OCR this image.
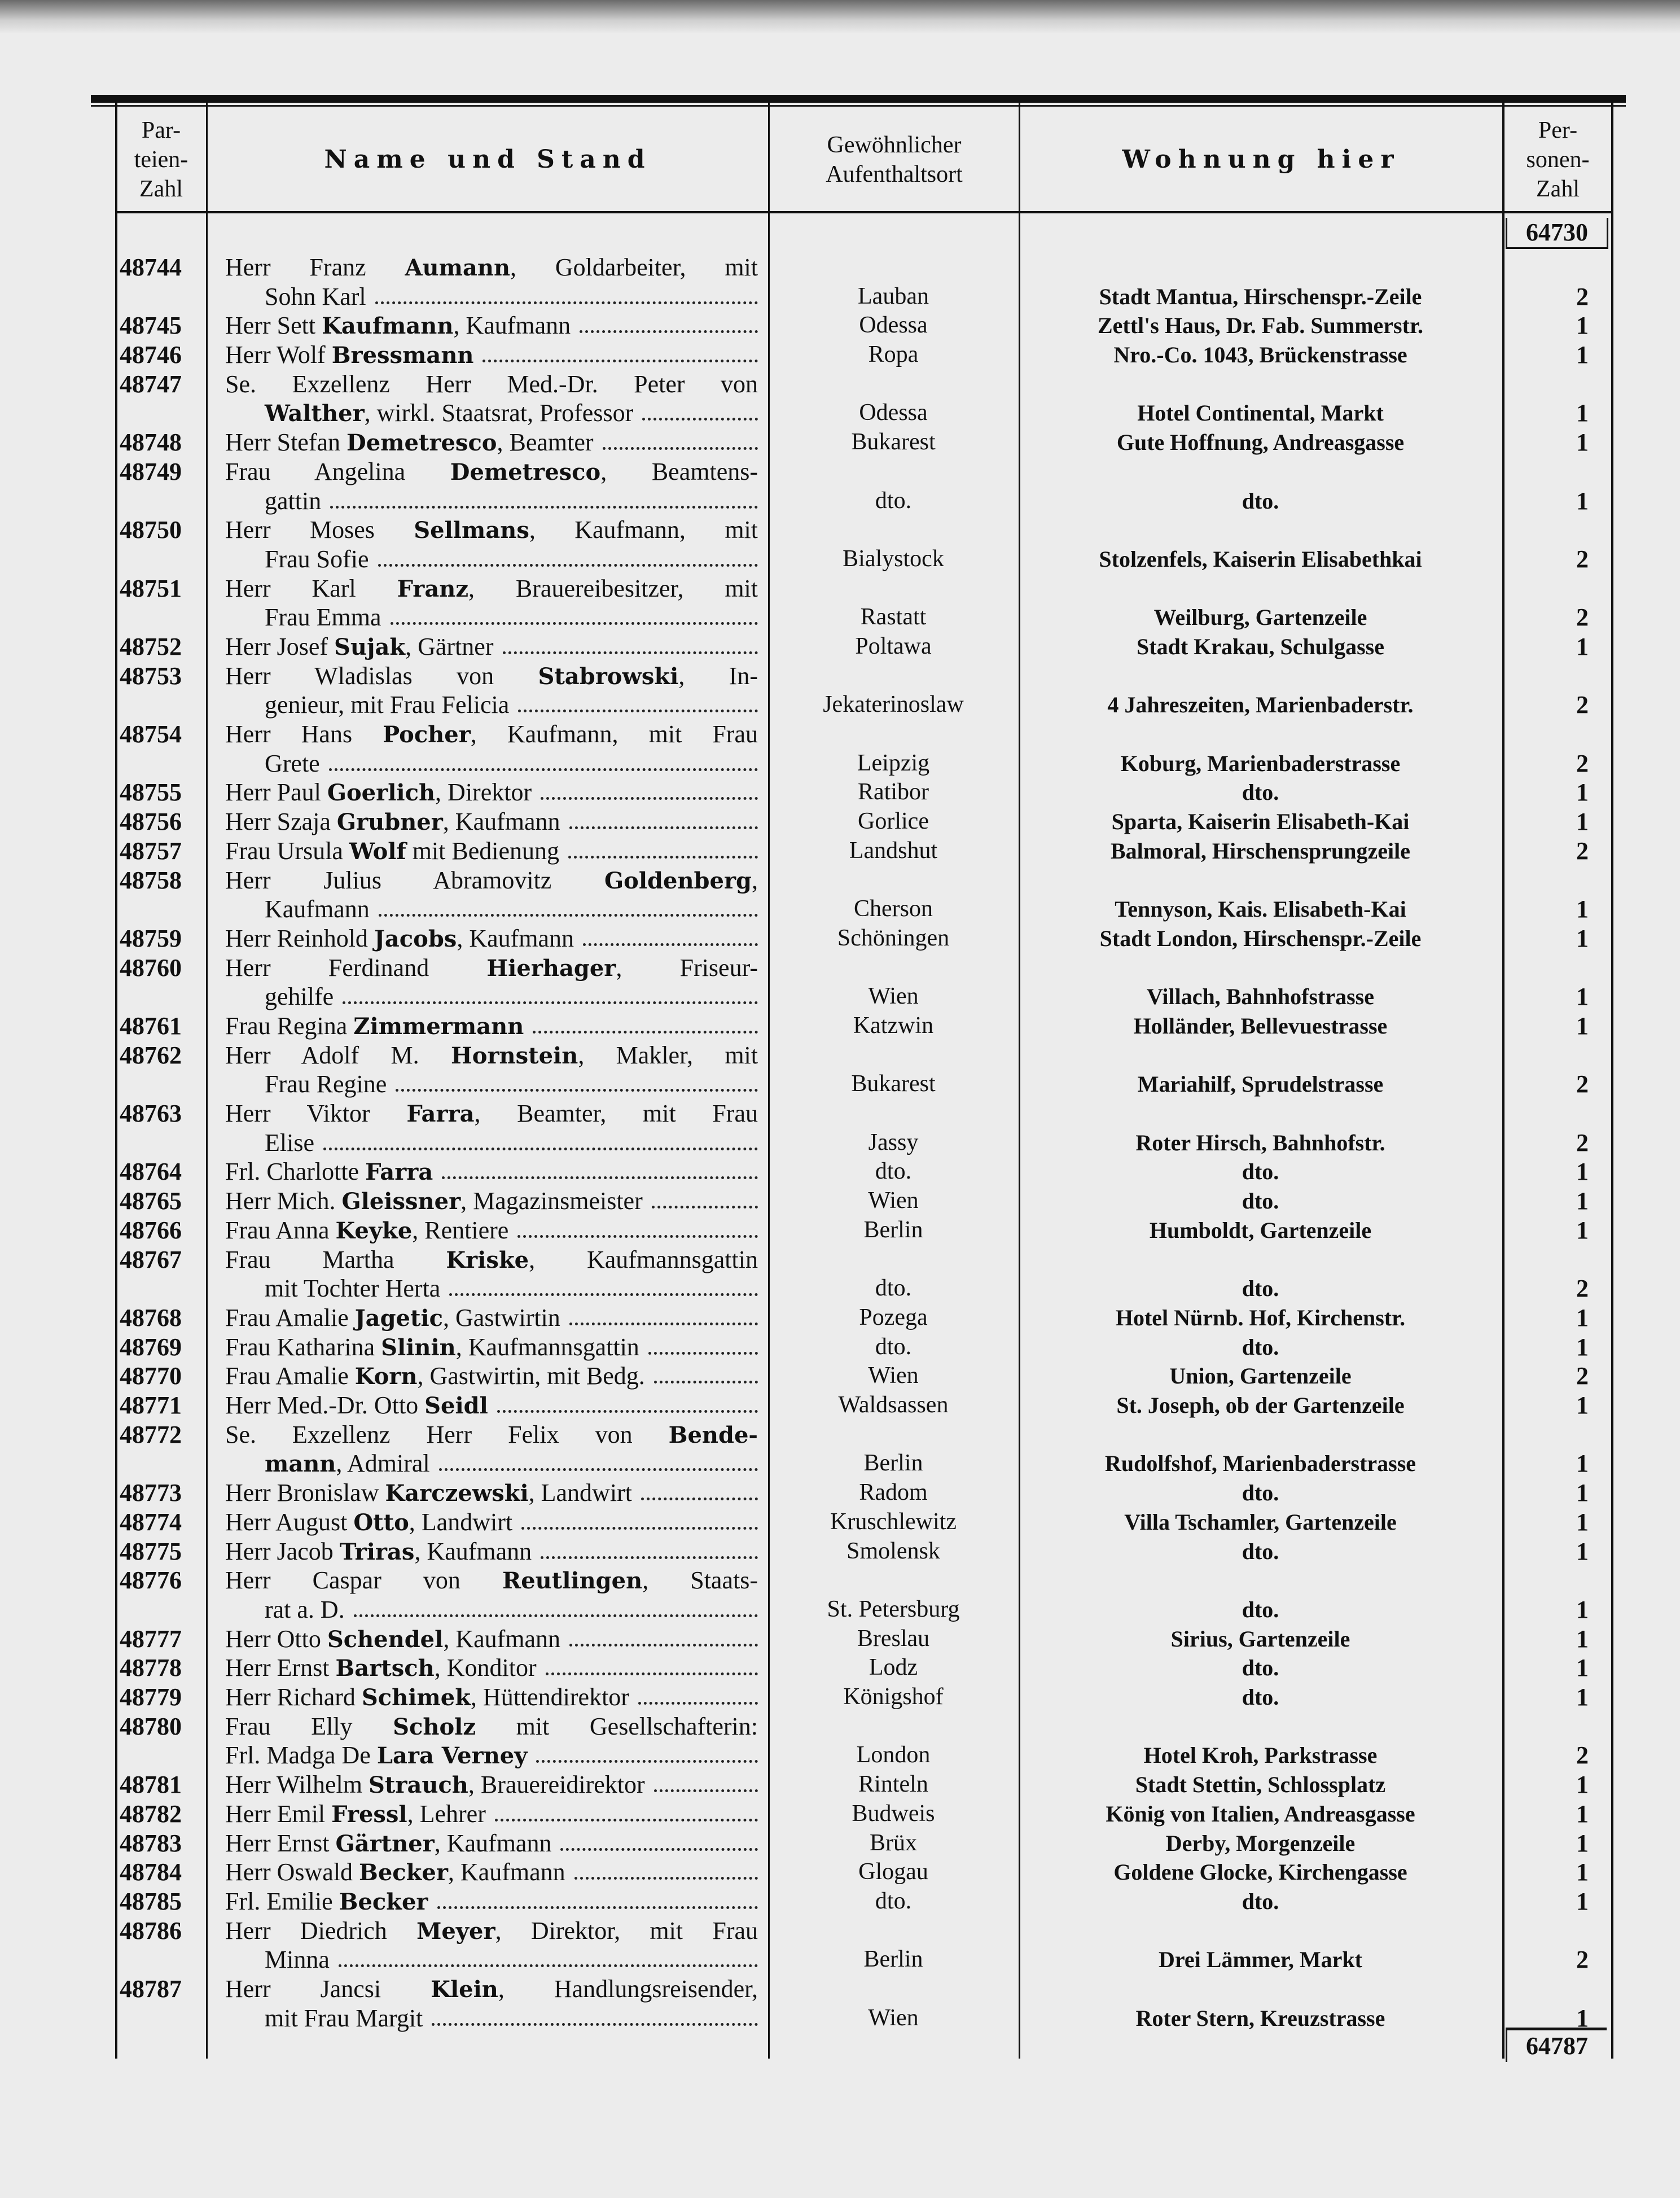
Par-
teien-
Zahl
Name und Stand	Gewöhnlicher
Aufenthaltsort
Wohnung hier
Per-
sonen-
Zahl
64730
48744	Herr Franz Aumann, Goldarbeiter, mit
Sohn Karl	Lauban	Stadt Mantua, Hirschenspr.-Zeile	2
48745	Herr Sett Kaufmann, Kaufmann	Odessa	Zettl's Haus, Dr. Fab. Summerstr.	1
48746	Herr Wolf Bressmann	Ropa	Nro.-Co. 1043, Brückenstrasse	1
48747	Se. Exzellenz Herr Med.-Dr. Peter von
Walther, wirkl. Staatsrat, Professor	Odessa	Hotel Continental, Markt	1
48748	Herr Stefan Demetresco, Beamter	Bukarest	Gute Hoffnung, Andreasgasse	1
48749	Frau Angelina Demetresco, Beamtens-
gattin	dto.	dto.	1
48750	Herr Moses Sellmans, Kaufmann, mit
Frau Sofie	Bialystock	Stolzenfels, Kaiserin Elisabethkai	2
48751	Herr Karl Franz, Brauereibesitzer, mit
Frau Emma	Rastatt	Weilburg, Gartenzeile	2
48752	Herr Josef Sujak, Gärtner	Poltawa	Stadt Krakau, Schulgasse	1
48753	Herr Wladislas von Stabrowski, In-
genieur, mit Frau Felicia	Jekaterinoslaw	4 Jahreszeiten, Marienbaderstr.	2
48754	Herr Hans Pocher, Kaufmann, mit Frau
Grete	Leipzig	Koburg, Marienbaderstrasse	2
48755	Herr Paul Goerlich, Direktor	Ratibor	dto.	1
48756	Herr Szaja Grubner, Kaufmann	Gorlice	Sparta, Kaiserin Elisabeth-Kai	1
48757	Frau Ursula Wolf mit Bedienung	Landshut	Balmoral, Hirschensprungzeile	2
48758	Herr Julius Abramovitz Goldenberg,
Kaufmann	Cherson	Tennyson, Kais. Elisabeth-Kai	1
48759	Herr Reinhold Jacobs, Kaufmann	Schöningen	Stadt London, Hirschenspr.-Zeile	1
48760	Herr Ferdinand Hierhager, Friseur-
gehilfe	Wien	Villach, Bahnhofstrasse	1
48761	Frau Regina Zimmermann	Katzwin	Holländer, Bellevuestrasse	1
48762	Herr Adolf M. Hornstein, Makler, mit
Frau Regine	Bukarest	Mariahilf, Sprudelstrasse	2
48763	Herr Viktor Farra, Beamter, mit Frau
Elise	Jassy	Roter Hirsch, Bahnhofstr.	2
48764	Frl. Charlotte Farra	dto.	dto.	1
48765	Herr Mich. Gleissner, Magazinsmeister	Wien	dto.	1
48766	Frau Anna Keyke, Rentiere	Berlin	Humboldt, Gartenzeile	1
48767	Frau Martha Kriske, Kaufmannsgattin
mit Tochter Herta	dto.	dto.	2
48768	Frau Amalie Jagetic, Gastwirtin	Pozega	Hotel Nürnb. Hof, Kirchenstr.	1
48769	Frau Katharina Slinin, Kaufmannsgattin	dto.	dto.	1
48770	Frau Amalie Korn, Gastwirtin, mit Bedg.	Wien	Union, Gartenzeile	2
48771	Herr Med.-Dr. Otto Seidl	Waldsassen	St. Joseph, ob der Gartenzeile	1
48772	Se. Exzellenz Herr Felix von Bende-
mann, Admiral	Berlin	Rudolfshof, Marienbaderstrasse	1
48773	Herr Bronislaw Karczewski, Landwirt	Radom	dto.	1
48774	Herr August Otto, Landwirt	Kruschlewitz	Villa Tschamler, Gartenzeile	1
48775	Herr Jacob Triras, Kaufmann	Smolensk	dto.	1
48776	Herr Caspar von Reutlingen, Staats-
rat a. D.	St. Petersburg	dto.	1
48777	Herr Otto Schendel, Kaufmann	Breslau	Sirius, Gartenzeile	1
48778	Herr Ernst Bartsch, Konditor	Lodz	dto.	1
48779	Herr Richard Schimek, Hüttendirektor	Königshof	dto.	1
48780	Frau Elly Scholz mit Gesellschafterin:
Frl. Madga De Lara Verney	London	Hotel Kroh, Parkstrasse	2
48781	Herr Wilhelm Strauch, Brauereidirektor	Rinteln	Stadt Stettin, Schlossplatz	1
48782	Herr Emil Fressl, Lehrer	Budweis	König von Italien, Andreasgasse	1
48783	Herr Ernst Gärtner, Kaufmann	Brüx	Derby, Morgenzeile	1
48784	Herr Oswald Becker, Kaufmann	Glogau	Goldene Glocke, Kirchengasse	1
48785	Frl. Emilie Becker	dto.	dto.	1
48786	Herr Diedrich Meyer, Direktor, mit Frau
Minna	Berlin	Drei Lämmer, Markt	2
48787	Herr Jancsi Klein, Handlungsreisender,
mit Frau Margit	Wien	Roter Stern, Kreuzstrasse	1
64787
